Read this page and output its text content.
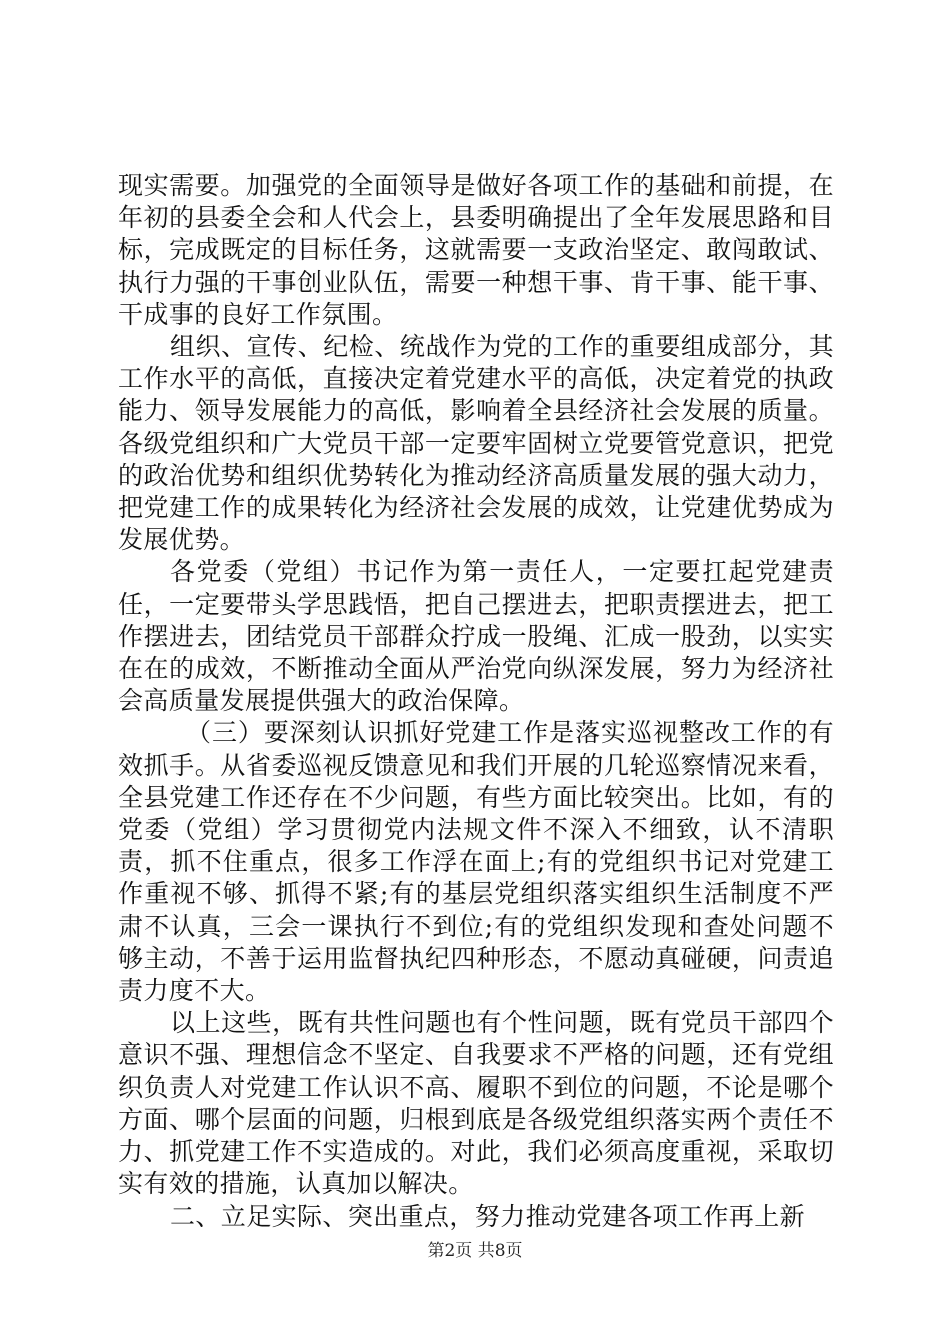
现实需要。加强党的全面领导是做好各项工作的基础和前提，在年初的县委全会和人代会上，县委明确提出了全年发展思路和目标，完成既定的目标任务，这就需要一支政治坚定、敢闯敢试、执行力强的干事创业队伍，需要一种想干事、肯干事、能干事、干成事的良好工作氛围。

组织、宣传、纪检、统战作为党的工作的重要组成部分，其工作水平的高低，直接决定着党建水平的高低，决定着党的执政能力、领导发展能力的高低，影响着全县经济社会发展的质量。各级党组织和广大党员干部一定要牢固树立党要管党意识，把党的政治优势和组织优势转化为推动经济高质量发展的强大动力，把党建工作的成果转化为经济社会发展的成效，让党建优势成为发展优势。

各党委（党组）书记作为第一责任人，一定要扛起党建责任，一定要带头学思践悟，把自己摆进去，把职责摆进去，把工作摆进去，团结党员干部群众拧成一股绳、汇成一股劲，以实实在在的成效，不断推动全面从严治党向纵深发展，努力为经济社会高质量发展提供强大的政治保障。

（三）要深刻认识抓好党建工作是落实巡视整改工作的有效抓手。从省委巡视反馈意见和我们开展的几轮巡察情况来看，全县党建工作还存在不少问题，有些方面比较突出。比如，有的党委（党组）学习贯彻党内法规文件不深入不细致，认不清职责，抓不住重点，很多工作浮在面上;有的党组织书记对党建工作重视不够、抓得不紧;有的基层党组织落实组织生活制度不严肃不认真，三会一课执行不到位;有的党组织发现和查处问题不够主动，不善于运用监督执纪四种形态，不愿动真碰硬，问责追责力度不大。

以上这些，既有共性问题也有个性问题，既有党员干部四个意识不强、理想信念不坚定、自我要求不严格的问题，还有党组织负责人对党建工作认识不高、履职不到位的问题，不论是哪个方面、哪个层面的问题，归根到底是各级党组织落实两个责任不力、抓党建工作不实造成的。对此，我们必须高度重视，采取切实有效的措施，认真加以解决。

二、立足实际、突出重点，努力推动党建各项工作再上新

第2页 共8页
